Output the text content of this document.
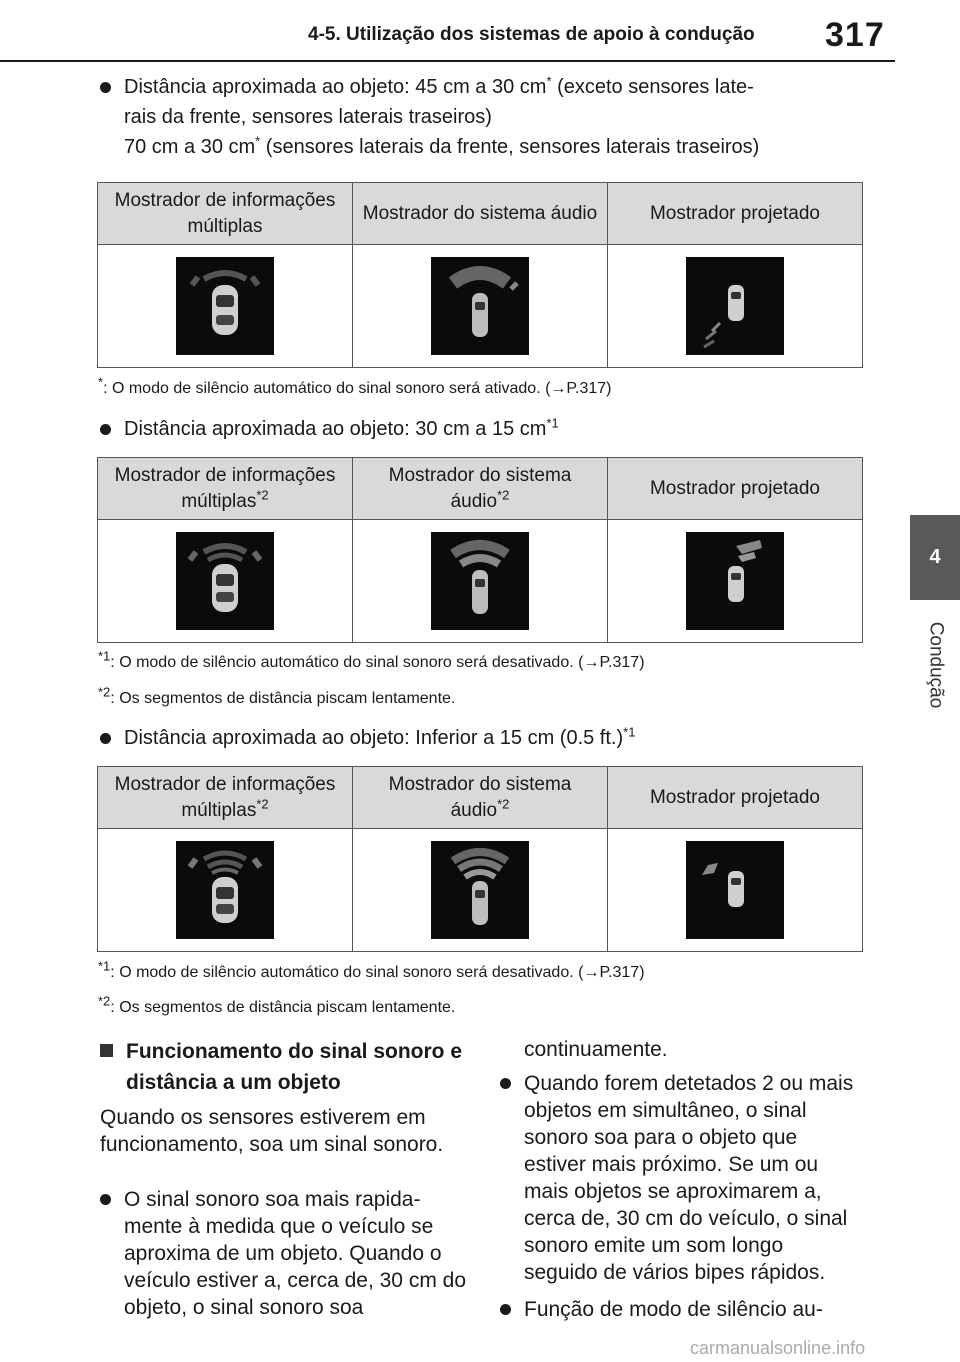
4-5. Utilização dos sistemas de apoio à condução 317
4
Condução
Distância aproximada ao objeto: 45 cm a 30 cm* (exceto sensores late-
rais da frente, sensores laterais traseiros)
70 cm a 30 cm* (sensores laterais da frente, sensores laterais traseiros)
Mostrador de informações múltiplas	Mostrador do sistema áudio	Mostrador projetado

*: O modo de silêncio automático do sinal sonoro será ativado. (→P.317)
Distância aproximada ao objeto: 30 cm a 15 $cm^{*1}$
Mostrador de informações múltiplas$^{*2}$	Mostrador do sistema áudio$^{*2}$	Mostrador projetado

$^{*1}$: O modo de silêncio automático do sinal sonoro será desativado. (→P.317)
$^{*2}$: Os segmentos de distância piscam lentamente.
Distância aproximada ao objeto: Inferior a 15 cm (0.5 ft.)$^{*1}$
Mostrador de informações múltiplas$^{*2}$	Mostrador do sistema áudio$^{*2}$	Mostrador projetado

$^{*1}$: O modo de silêncio automático do sinal sonoro será desativado. (→P.317)
$^{*2}$: Os segmentos de distância piscam lentamente.
Funcionamento do sinal sonoro e distância a um objeto
Quando os sensores estiverem em funcionamento, soa um sinal sonoro.
O sinal sonoro soa mais rapida-mente à medida que o veículo se aproxima de um objeto. Quando o veículo estiver a, cerca de, 30 cm do objeto, o sinal sonoro soa
continuamente.
Quando forem detetados 2 ou mais objetos em simultâneo, o sinal sonoro soa para o objeto que estiver mais próximo. Se um ou mais objetos se aproximarem a, cerca de, 30 cm do veículo, o sinal sonoro emite um som longo seguido de vários bipes rápidos.
Função de modo de silêncio au-
carmanualsonline.info
